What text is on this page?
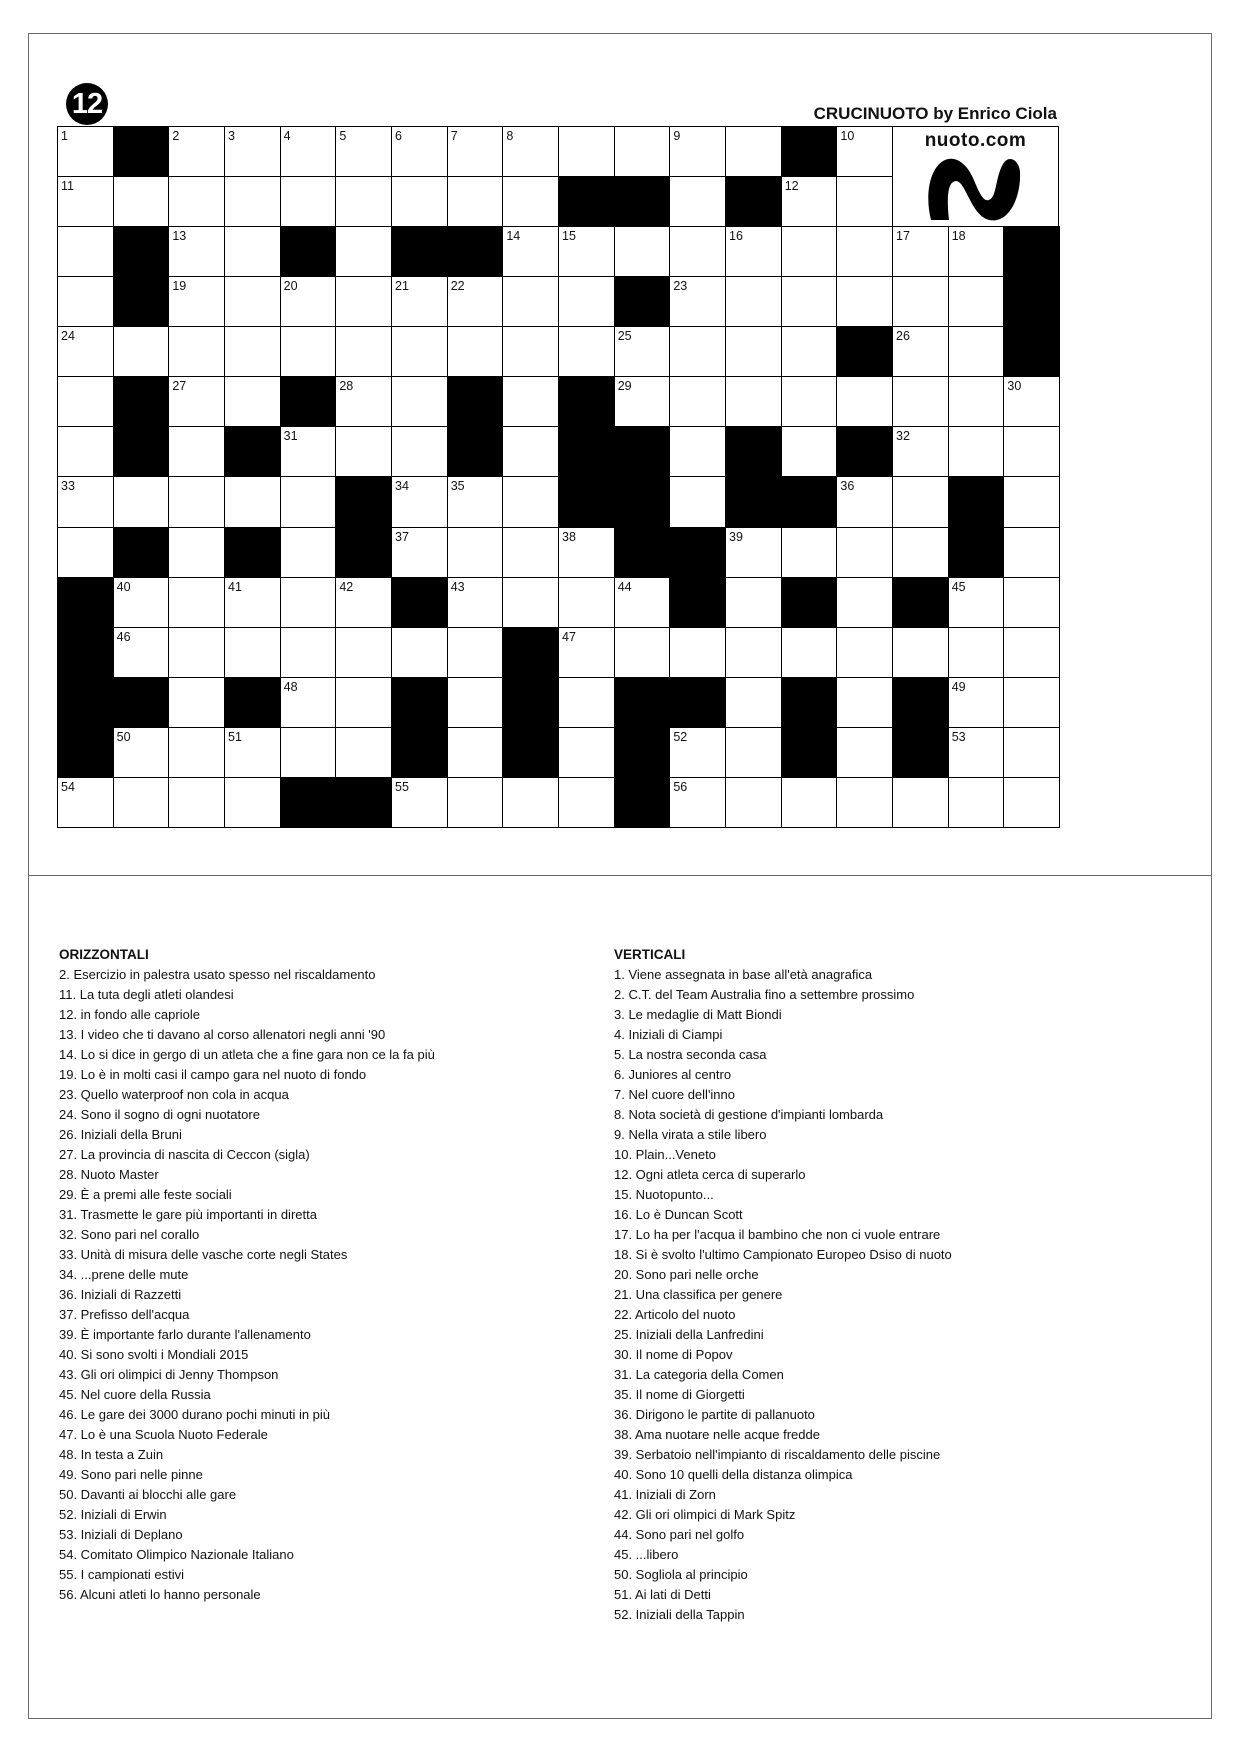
12	CRUCINUOTO by Enrico Ciola
1	2	3	4	5	6	7	8	9	10
11	12
13	14	15	16	17	18
19	20	21	22	23
24	25	26
27	28	29	30
31	32
33	34	35	36
37	38	39
40	41	42	43	44	45
46	47
48	49
50	51	52	53
54	55	56
nuoto.com
ORIZZONTALI
2. Esercizio in palestra usato spesso nel riscaldamento
11. La tuta degli atleti olandesi
12. in fondo alle capriole
13. I video che ti davano al corso allenatori negli anni '90
14. Lo si dice in gergo di un atleta che a fine gara non ce la fa più
19. Lo è in molti casi il campo gara nel nuoto di fondo
23. Quello waterproof non cola in acqua
24. Sono il sogno di ogni nuotatore
26. Iniziali della Bruni
27. La provincia di nascita di Ceccon (sigla)
28. Nuoto Master
29. È a premi alle feste sociali
31. Trasmette le gare più importanti in diretta
32. Sono pari nel corallo
33. Unità di misura delle vasche corte negli States
34. ...prene delle mute
36. Iniziali di Razzetti
37. Prefisso dell'acqua
39. È importante farlo durante l'allenamento
40. Si sono svolti i Mondiali 2015
43. Gli ori olimpici di Jenny Thompson
45. Nel cuore della Russia
46. Le gare dei 3000 durano pochi minuti in più
47. Lo è una Scuola Nuoto Federale
48. In testa a Zuin
49. Sono pari nelle pinne
50. Davanti ai blocchi alle gare
52. Iniziali di Erwin
53. Iniziali di Deplano
54. Comitato Olimpico Nazionale Italiano
55. I campionati estivi
56. Alcuni atleti lo hanno personale
VERTICALI
1. Viene assegnata in base all'età anagrafica
2. C.T. del Team Australia fino a settembre prossimo
3. Le medaglie di Matt Biondi
4. Iniziali di Ciampi
5. La nostra seconda casa
6. Juniores al centro
7. Nel cuore dell'inno
8. Nota società di gestione d'impianti lombarda
9. Nella virata a stile libero
10. Plain...Veneto
12. Ogni atleta cerca di superarlo
15. Nuotopunto...
16. Lo è Duncan Scott
17. Lo ha per l'acqua il bambino che non ci vuole entrare
18. Si è svolto l'ultimo Campionato Europeo Dsiso di nuoto
20. Sono pari nelle orche
21. Una classifica per genere
22. Articolo del nuoto
25. Iniziali della Lanfredini
30. Il nome di Popov
31. La categoria della Comen
35. Il nome di Giorgetti
36. Dirigono le partite di pallanuoto
38. Ama nuotare nelle acque fredde
39. Serbatoio nell'impianto di riscaldamento delle piscine
40. Sono 10 quelli della distanza olimpica
41. Iniziali di Zorn
42. Gli ori olimpici di Mark Spitz
44. Sono pari nel golfo
45. ...libero
50. Sogliola al principio
51. Ai lati di Detti
52. Iniziali della Tappin
